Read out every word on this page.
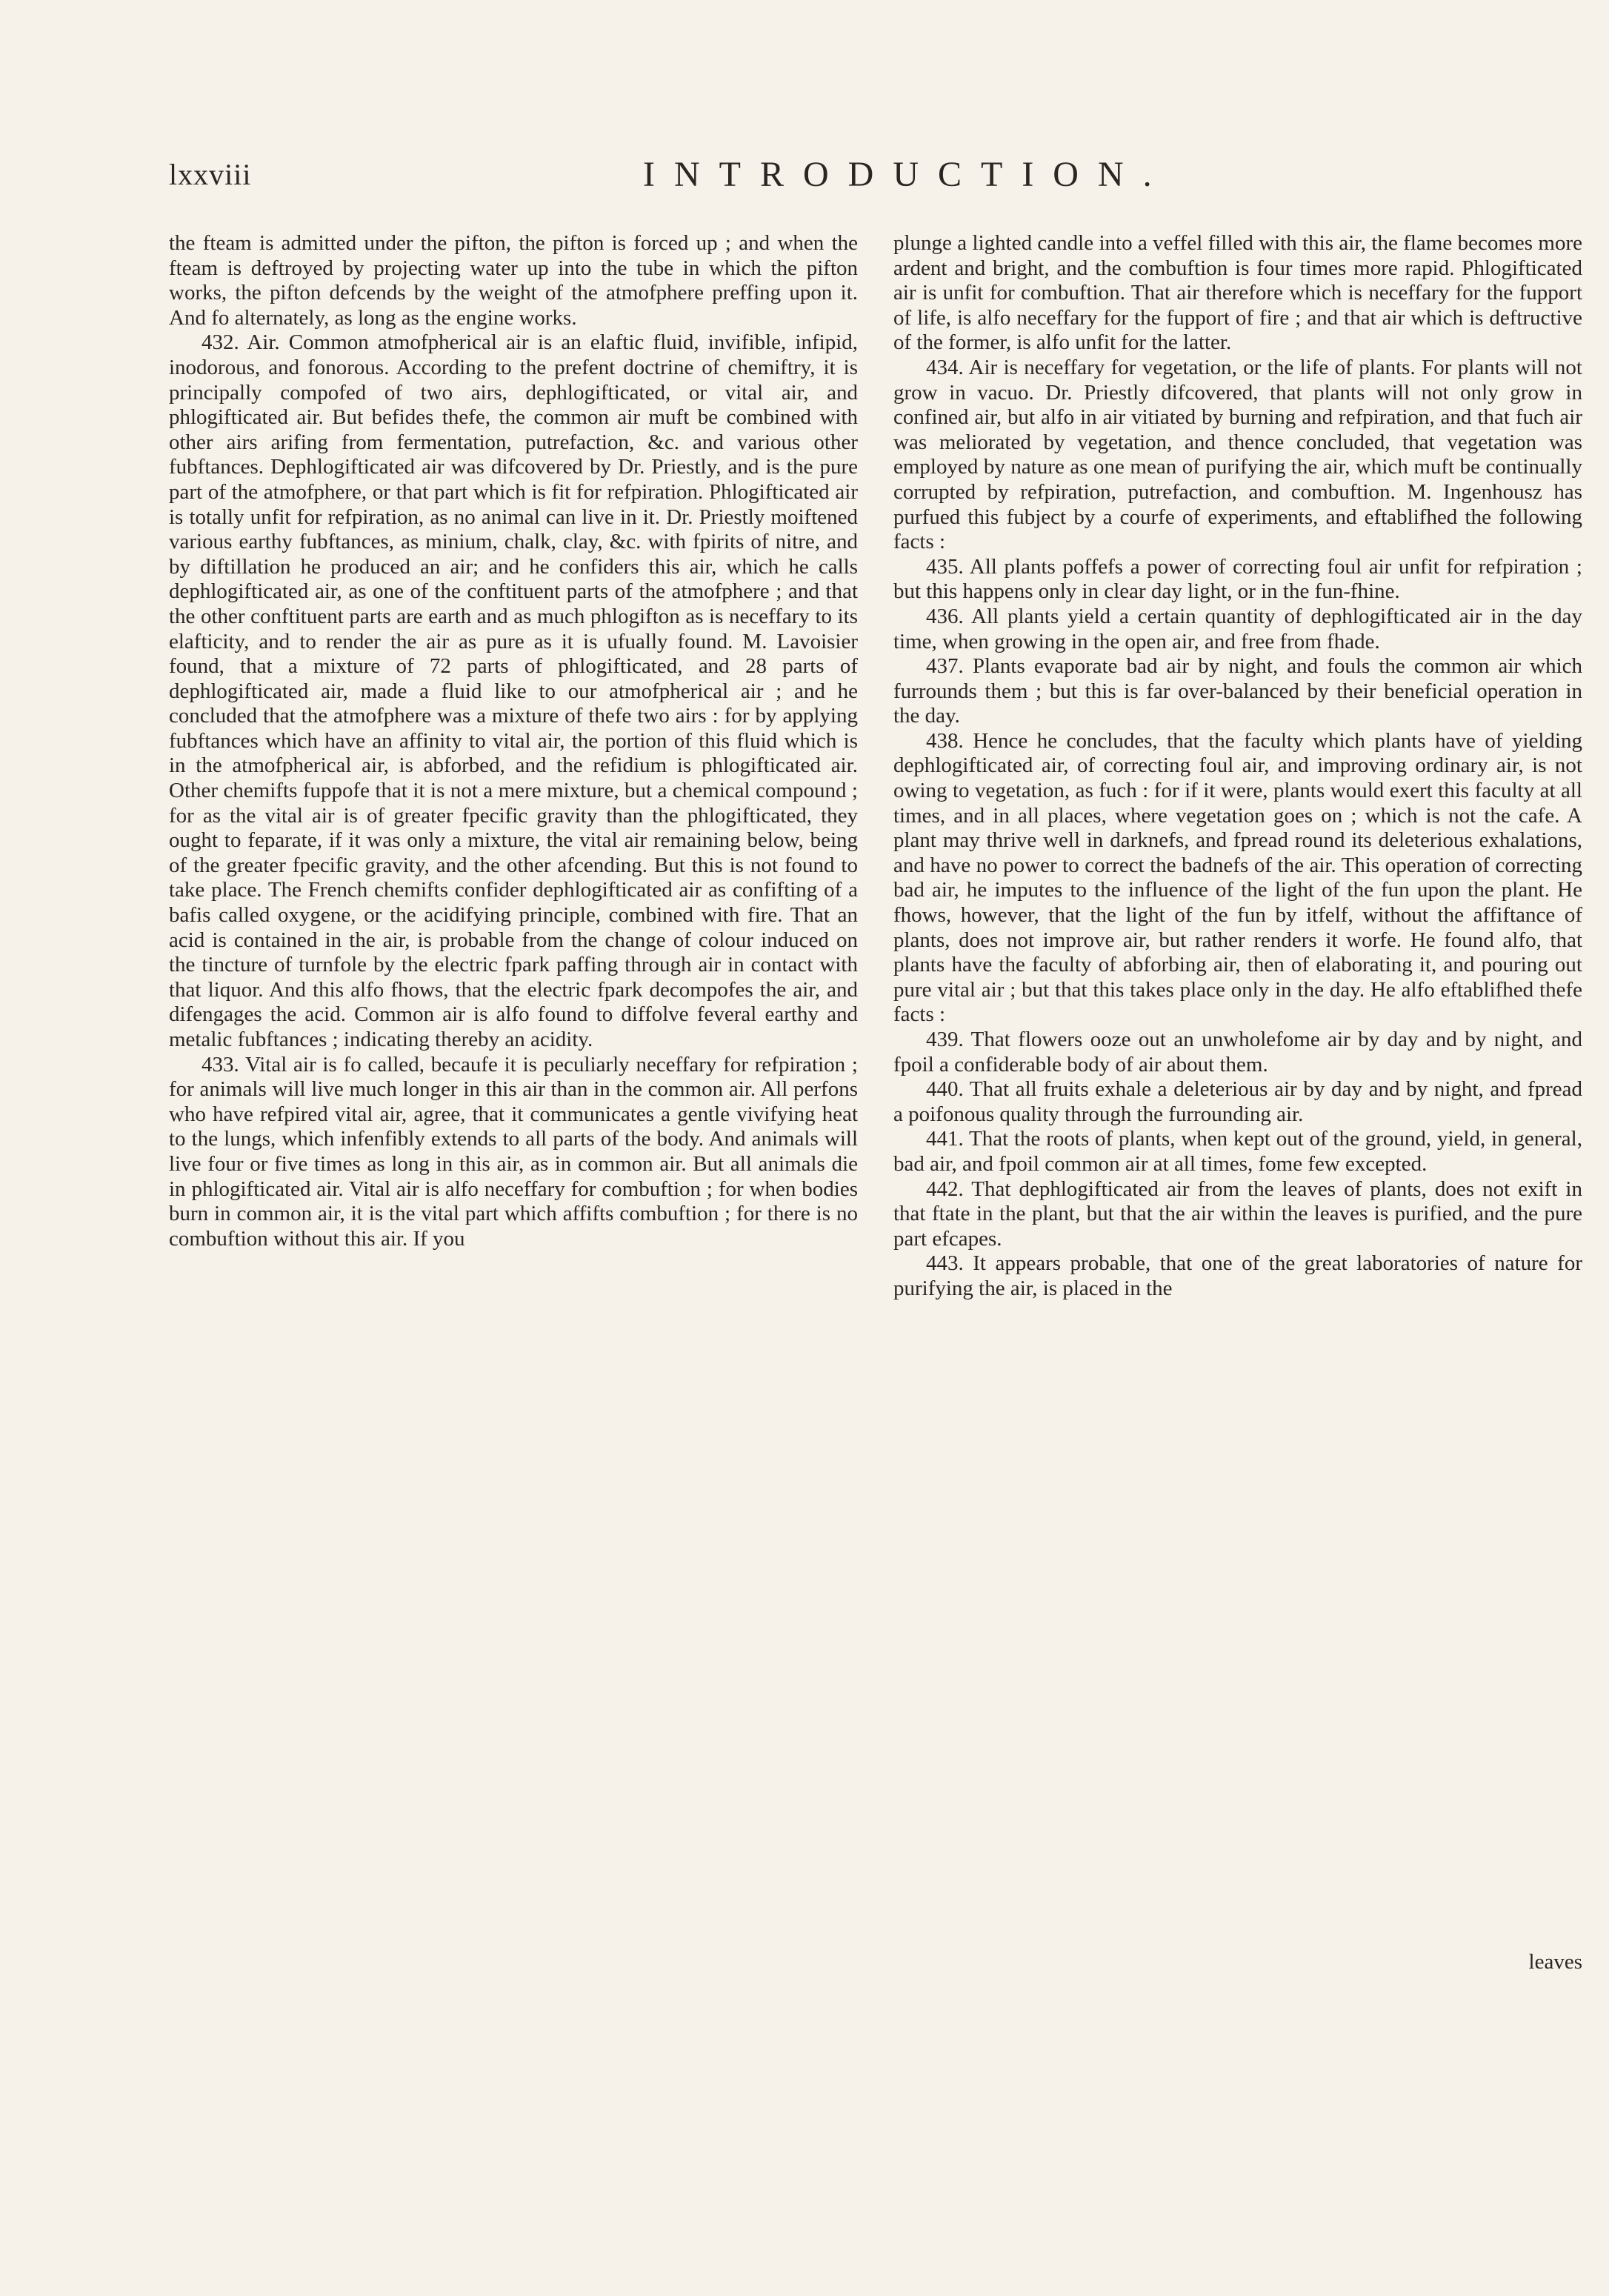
lxxviii	INTRODUCTION.

the fteam is admitted under the pifton, the pifton is forced up ; and when the fteam is deftroyed by projecting water up into the tube in which the pifton works, the pifton defcends by the weight of the atmofphere preffing upon it. And fo alternately, as long as the engine works.

432. Air. Common atmofpherical air is an elaftic fluid, invifible, infipid, inodorous, and fonorous. According to the prefent doctrine of chemiftry, it is principally compofed of two airs, dephlogifticated, or vital air, and phlogifticated air. But befides thefe, the common air muft be combined with other airs arifing from fermentation, putrefaction, &c. and various other fubftances. Dephlogifticated air was difcovered by Dr. Priestly, and is the pure part of the atmofphere, or that part which is fit for refpiration. Phlogifticated air is totally unfit for refpiration, as no animal can live in it. Dr. Priestly moiftened various earthy fubftances, as minium, chalk, clay, &c. with fpirits of nitre, and by diftillation he produced an air; and he confiders this air, which he calls dephlogifticated air, as one of the conftituent parts of the atmofphere ; and that the other conftituent parts are earth and as much phlogifton as is neceffary to its elafticity, and to render the air as pure as it is ufually found. M. Lavoisier found, that a mixture of 72 parts of phlogifticated, and 28 parts of dephlogifticated air, made a fluid like to our atmofpherical air ; and he concluded that the atmofphere was a mixture of thefe two airs : for by applying fubftances which have an affinity to vital air, the portion of this fluid which is in the atmofpherical air, is abforbed, and the refidium is phlogifticated air. Other chemifts fuppofe that it is not a mere mixture, but a chemical compound ; for as the vital air is of greater fpecific gravity than the phlogifticated, they ought to feparate, if it was only a mixture, the vital air remaining below, being of the greater fpecific gravity, and the other afcending. But this is not found to take place. The French chemifts confider dephlogifticated air as confifting of a bafis called oxygene, or the acidifying principle, combined with fire. That an acid is contained in the air, is probable from the change of colour induced on the tincture of turnfole by the electric fpark paffing through air in contact with that liquor. And this alfo fhows, that the electric fpark decompofes the air, and difengages the acid. Common air is alfo found to diffolve feveral earthy and metalic fubftances ; indicating thereby an acidity.

433. Vital air is fo called, becaufe it is peculiarly neceffary for refpiration ; for animals will live much longer in this air than in the common air. All perfons who have refpired vital air, agree, that it communicates a gentle vivifying heat to the lungs, which infenfibly extends to all parts of the body. And animals will live four or five times as long in this air, as in common air. But all animals die in phlogifticated air. Vital air is alfo neceffary for combuftion ; for when bodies burn in common air, it is the vital part which affifts combuftion ; for there is no combuftion without this air. If you

plunge a lighted candle into a veffel filled with this air, the flame becomes more ardent and bright, and the combuftion is four times more rapid. Phlogifticated air is unfit for combuftion. That air therefore which is neceffary for the fupport of life, is alfo neceffary for the fupport of fire ; and that air which is deftructive of the former, is alfo unfit for the latter.

434. Air is neceffary for vegetation, or the life of plants. For plants will not grow in vacuo. Dr. Priestly difcovered, that plants will not only grow in confined air, but alfo in air vitiated by burning and refpiration, and that fuch air was meliorated by vegetation, and thence concluded, that vegetation was employed by nature as one mean of purifying the air, which muft be continually corrupted by refpiration, putrefaction, and combuftion. M. Ingenhousz has purfued this fubject by a courfe of experiments, and eftablifhed the following facts :

435. All plants poffefs a power of correcting foul air unfit for refpiration ; but this happens only in clear day light, or in the fun-fhine.

436. All plants yield a certain quantity of dephlogifticated air in the day time, when growing in the open air, and free from fhade.

437. Plants evaporate bad air by night, and fouls the common air which furrounds them ; but this is far over-balanced by their beneficial operation in the day.

438. Hence he concludes, that the faculty which plants have of yielding dephlogifticated air, of correcting foul air, and improving ordinary air, is not owing to vegetation, as fuch : for if it were, plants would exert this faculty at all times, and in all places, where vegetation goes on ; which is not the cafe. A plant may thrive well in darknefs, and fpread round its deleterious exhalations, and have no power to correct the badnefs of the air. This operation of correcting bad air, he imputes to the influence of the light of the fun upon the plant. He fhows, however, that the light of the fun by itfelf, without the affiftance of plants, does not improve air, but rather renders it worfe. He found alfo, that plants have the faculty of abforbing air, then of elaborating it, and pouring out pure vital air ; but that this takes place only in the day. He alfo eftablifhed thefe facts :

439. That flowers ooze out an unwholefome air by day and by night, and fpoil a confiderable body of air about them.

440. That all fruits exhale a deleterious air by day and by night, and fpread a poifonous quality through the furrounding air.

441. That the roots of plants, when kept out of the ground, yield, in general, bad air, and fpoil common air at all times, fome few excepted.

442. That dephlogifticated air from the leaves of plants, does not exift in that ftate in the plant, but that the air within the leaves is purified, and the pure part efcapes.

443. It appears probable, that one of the great laboratories of nature for purifying the air, is placed in the

leaves
